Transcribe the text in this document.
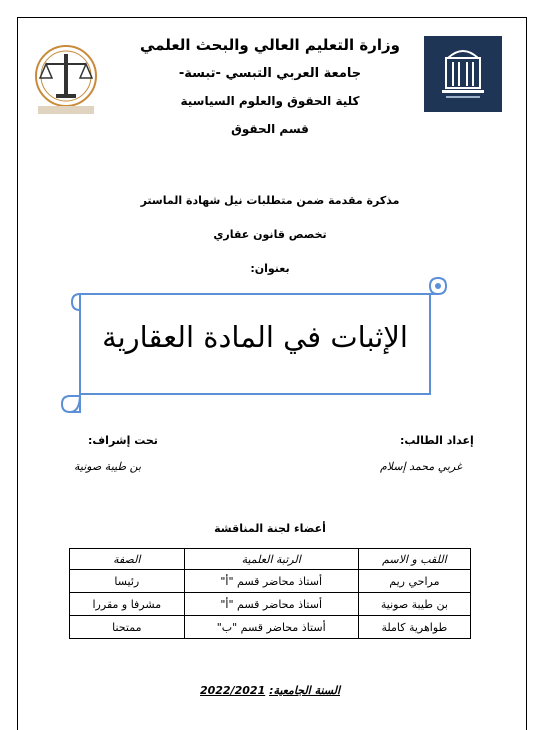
وزارة التعليم العالي والبحث العلمي
جامعة العربي التبسي -تبسة-
كلية الحقوق والعلوم السياسية
قسم الحقوق
مذكرة مقدمة ضمن متطلبات نيل شهادة الماستر
تخصص قانون عقاري
بعنوان:
الإثبات في المادة العقارية
إعداد الطالب:
غربي محمد إسلام
تحت إشراف:
بن طيبة صونية
أعضاء لجنة المناقشة
اللقب و الاسم	الرتبة العلمية	الصفة
مراحي ريم	أستاذ محاضر قسم "أ"	رئيسا
بن طيبة صونية	أستاذ محاضر قسم "أ"	مشرفا و مقررا
طواهرية كاملة	أستاذ محاضر قسم "ب"	ممتحنا
السنة الجامعية: 2022/2021
